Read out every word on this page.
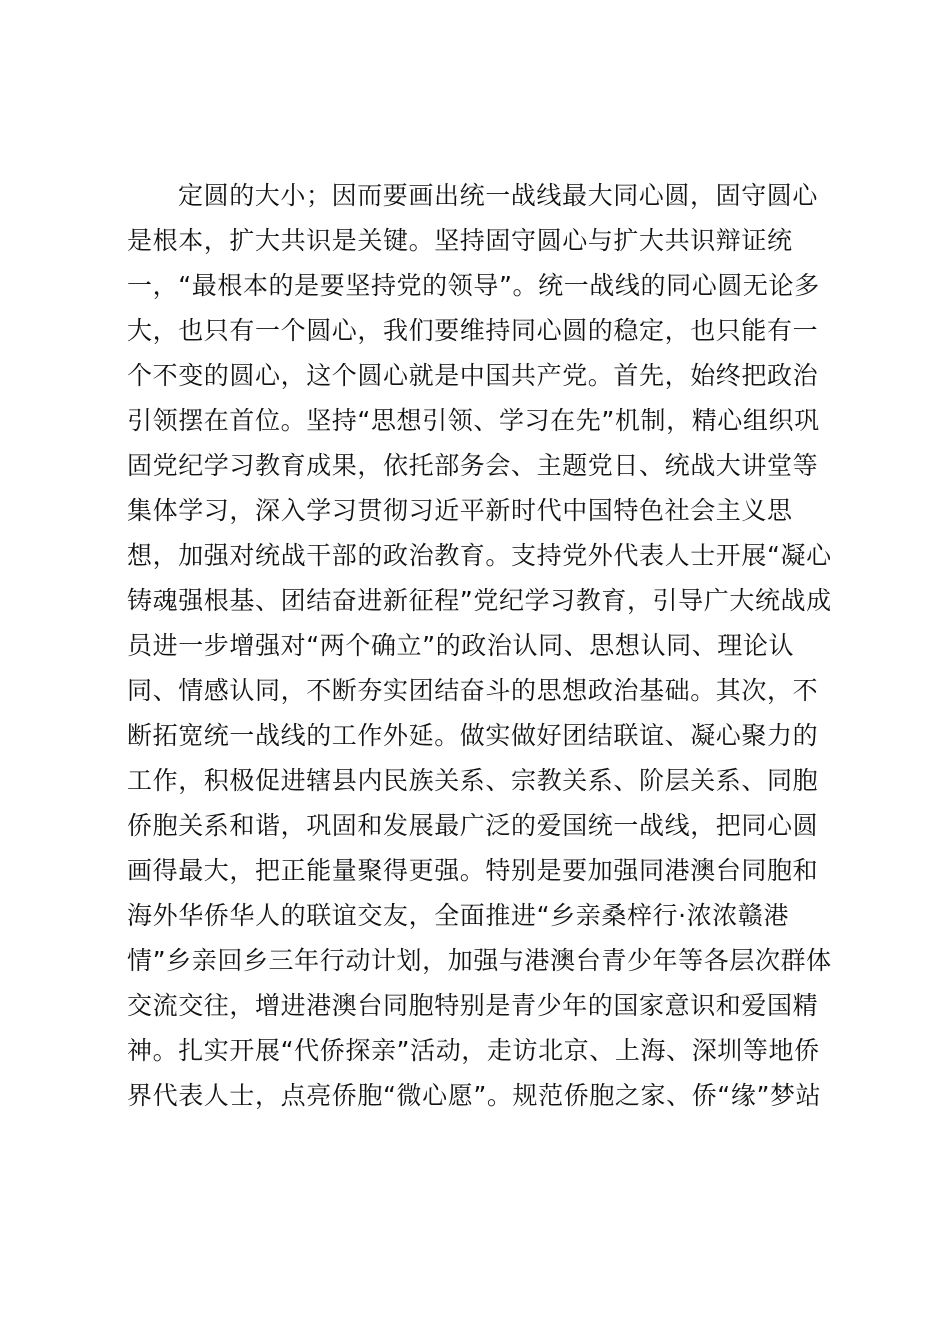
定圆的大小；因而要画出统一战线最大同心圆，固守圆心
是根本，扩大共识是关键。坚持固守圆心与扩大共识辩证统
一，“最根本的是要坚持党的领导”。统一战线的同心圆无论多
大，也只有一个圆心，我们要维持同心圆的稳定，也只能有一
个不变的圆心，这个圆心就是中国共产党。首先，始终把政治
引领摆在首位。坚持“思想引领、学习在先”机制，精心组织巩
固党纪学习教育成果，依托部务会、主题党日、统战大讲堂等
集体学习，深入学习贯彻习近平新时代中国特色社会主义思
想，加强对统战干部的政治教育。支持党外代表人士开展“凝心
铸魂强根基、团结奋进新征程”党纪学习教育，引导广大统战成
员进一步增强对“两个确立”的政治认同、思想认同、理论认
同、情感认同，不断夯实团结奋斗的思想政治基础。其次，不
断拓宽统一战线的工作外延。做实做好团结联谊、凝心聚力的
工作，积极促进辖县内民族关系、宗教关系、阶层关系、同胞
侨胞关系和谐，巩固和发展最广泛的爱国统一战线，把同心圆
画得最大，把正能量聚得更强。特别是要加强同港澳台同胞和
海外华侨华人的联谊交友，全面推进“乡亲桑梓行·浓浓赣港
情”乡亲回乡三年行动计划，加强与港澳台青少年等各层次群体
交流交往，增进港澳台同胞特别是青少年的国家意识和爱国精
神。扎实开展“代侨探亲”活动，走访北京、上海、深圳等地侨
界代表人士，点亮侨胞“微心愿”。规范侨胞之家、侨“缘”梦站
